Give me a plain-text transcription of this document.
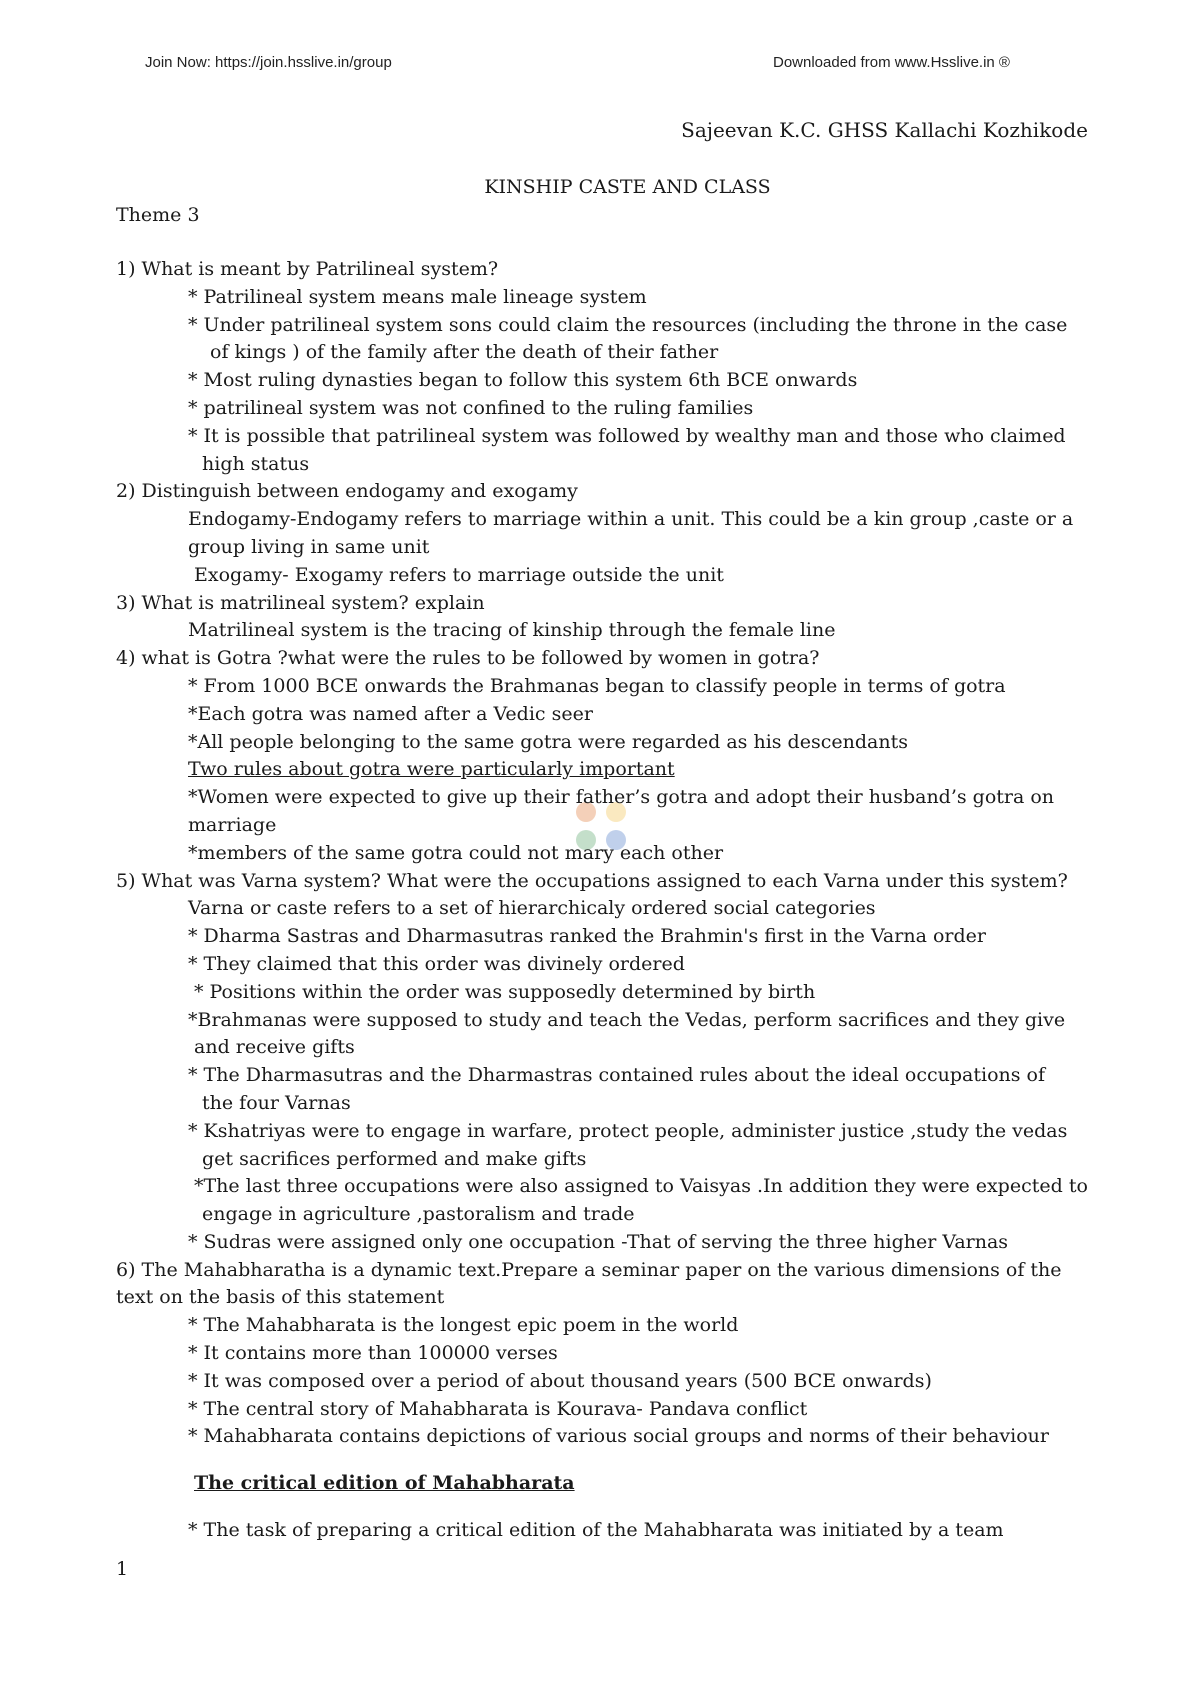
Join Now: https://join.hsslive.in/group	Downloaded from www.Hsslive.in ®
Sajeevan K.C. GHSS Kallachi Kozhikode
KINSHIP CASTE AND CLASS
Theme 3

1) What is meant by Patrilineal system?

* Patrilineal system means male lineage system

* Under patrilineal system sons could claim the resources (including the throne in the case

of kings ) of the family after the death of their father

* Most ruling dynasties began to follow this system 6th BCE onwards

* patrilineal system was not confined to the ruling families

* It is possible that patrilineal system was followed by wealthy man and those who claimed

high status

2) Distinguish between endogamy and exogamy

Endogamy-Endogamy refers to marriage within a unit. This could be a kin group ,caste or a

group living in same unit

Exogamy- Exogamy refers to marriage outside the unit

3) What is matrilineal system? explain

Matrilineal system is the tracing of kinship through the female line

4) what is Gotra ?what were the rules to be followed by women in gotra?

* From 1000 BCE onwards the Brahmanas began to classify people in terms of gotra

*Each gotra was named after a Vedic seer

*All people belonging to the same gotra were regarded as his descendants

Two rules about gotra were particularly important

*Women were expected to give up their father’s gotra and adopt their husband’s gotra on

marriage

*members of the same gotra could not mary each other

5) What was Varna system? What were the occupations assigned to each Varna under this system?

Varna or caste refers to a set of hierarchicaly ordered social categories

* Dharma Sastras and Dharmasutras ranked the Brahmin's first in the Varna order

* They claimed that this order was divinely ordered

* Positions within the order was supposedly determined by birth

*Brahmanas were supposed to study and teach the Vedas, perform sacrifices and they give

and receive gifts

* The Dharmasutras and the Dharmastras contained rules about the ideal occupations of

the four Varnas

* Kshatriyas were to engage in warfare, protect people, administer justice ,study the vedas

get sacrifices performed and make gifts

*The last three occupations were also assigned to Vaisyas .In addition they were expected to

engage in agriculture ,pastoralism and trade

* Sudras were assigned only one occupation -That of serving the three higher Varnas

6) The Mahabharatha is a dynamic text.Prepare a seminar paper on the various dimensions of the

text on the basis of this statement

* The Mahabharata is the longest epic poem in the world

* It contains more than 100000 verses

* It was composed over a period of about thousand years (500 BCE onwards)

* The central story of Mahabharata is Kourava- Pandava conflict

* Mahabharata contains depictions of various social groups and norms of their behaviour

The critical edition of Mahabharata

* The task of preparing a critical edition of the Mahabharata was initiated by a team

1
